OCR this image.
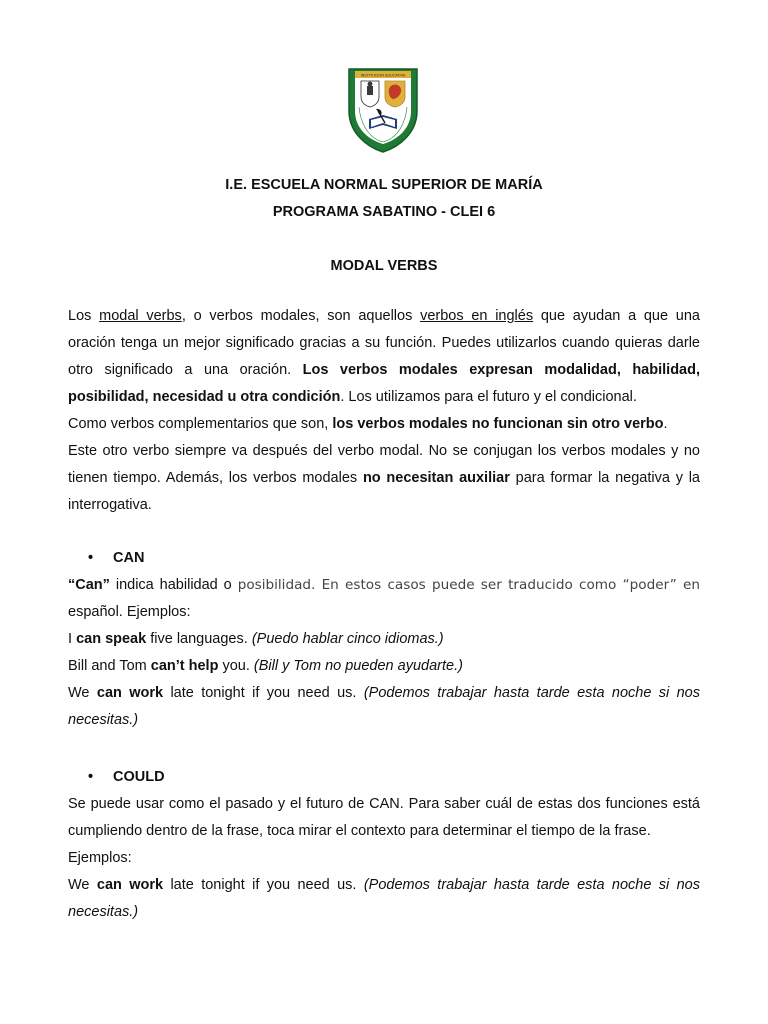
INSTITUCIÓN EDUCATIVA
I.E. ESCUELA NORMAL SUPERIOR DE MARÍA
PROGRAMA SABATINO - CLEI 6
MODAL VERBS
Los modal verbs, o verbos modales, son aquellos verbos en inglés que ayudan a que una
oración tenga un mejor significado gracias a su función. Puedes utilizarlos cuando quieras darle
otro significado a una oración. Los verbos modales expresan modalidad, habilidad,
posibilidad, necesidad u otra condición. Los utilizamos para el futuro y el condicional.
Como verbos complementarios que son, los verbos modales no funcionan sin otro verbo.
Este otro verbo siempre va después del verbo modal. No se conjugan los verbos modales y no
tienen tiempo. Además, los verbos modales no necesitan auxiliar para formar la negativa y la
interrogativa.
• CAN
“Can” indica habilidad o posibilidad. En estos casos puede ser traducido como “poder” en
español. Ejemplos:
I can speak five languages. (Puedo hablar cinco idiomas.)
Bill and Tom can’t help you. (Bill y Tom no pueden ayudarte.)
We can work late tonight if you need us. (Podemos trabajar hasta tarde esta noche si nos
necesitas.)
• COULD
Se puede usar como el pasado y el futuro de CAN. Para saber cuál de estas dos funciones está
cumpliendo dentro de la frase, toca mirar el contexto para determinar el tiempo de la frase.
Ejemplos:
We can work late tonight if you need us. (Podemos trabajar hasta tarde esta noche si nos
necesitas.)
